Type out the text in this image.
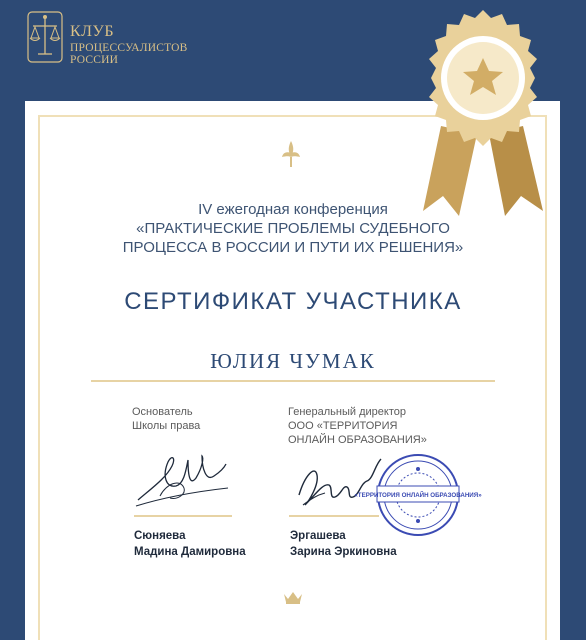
КЛУБ
ПРОЦЕССУАЛИСТОВ
РОССИИ
IV ежегодная конференция
«ПРАКТИЧЕСКИЕ ПРОБЛЕМЫ СУДЕБНОГО
ПРОЦЕССА В РОССИИ И ПУТИ ИХ РЕШЕНИЯ»
СЕРТИФИКАТ УЧАСТНИКА
ЮЛИЯ ЧУМАК
Основатель
Школы права
Генеральный директор
ООО «ТЕРРИТОРИЯ
ОНЛАЙН ОБРАЗОВАНИЯ»
«ТЕРРИТОРИЯ ОНЛАЙН ОБРАЗОВАНИЯ»
Сюняева
Мадина Дамировна
Эргашева
Зарина Эркиновна
